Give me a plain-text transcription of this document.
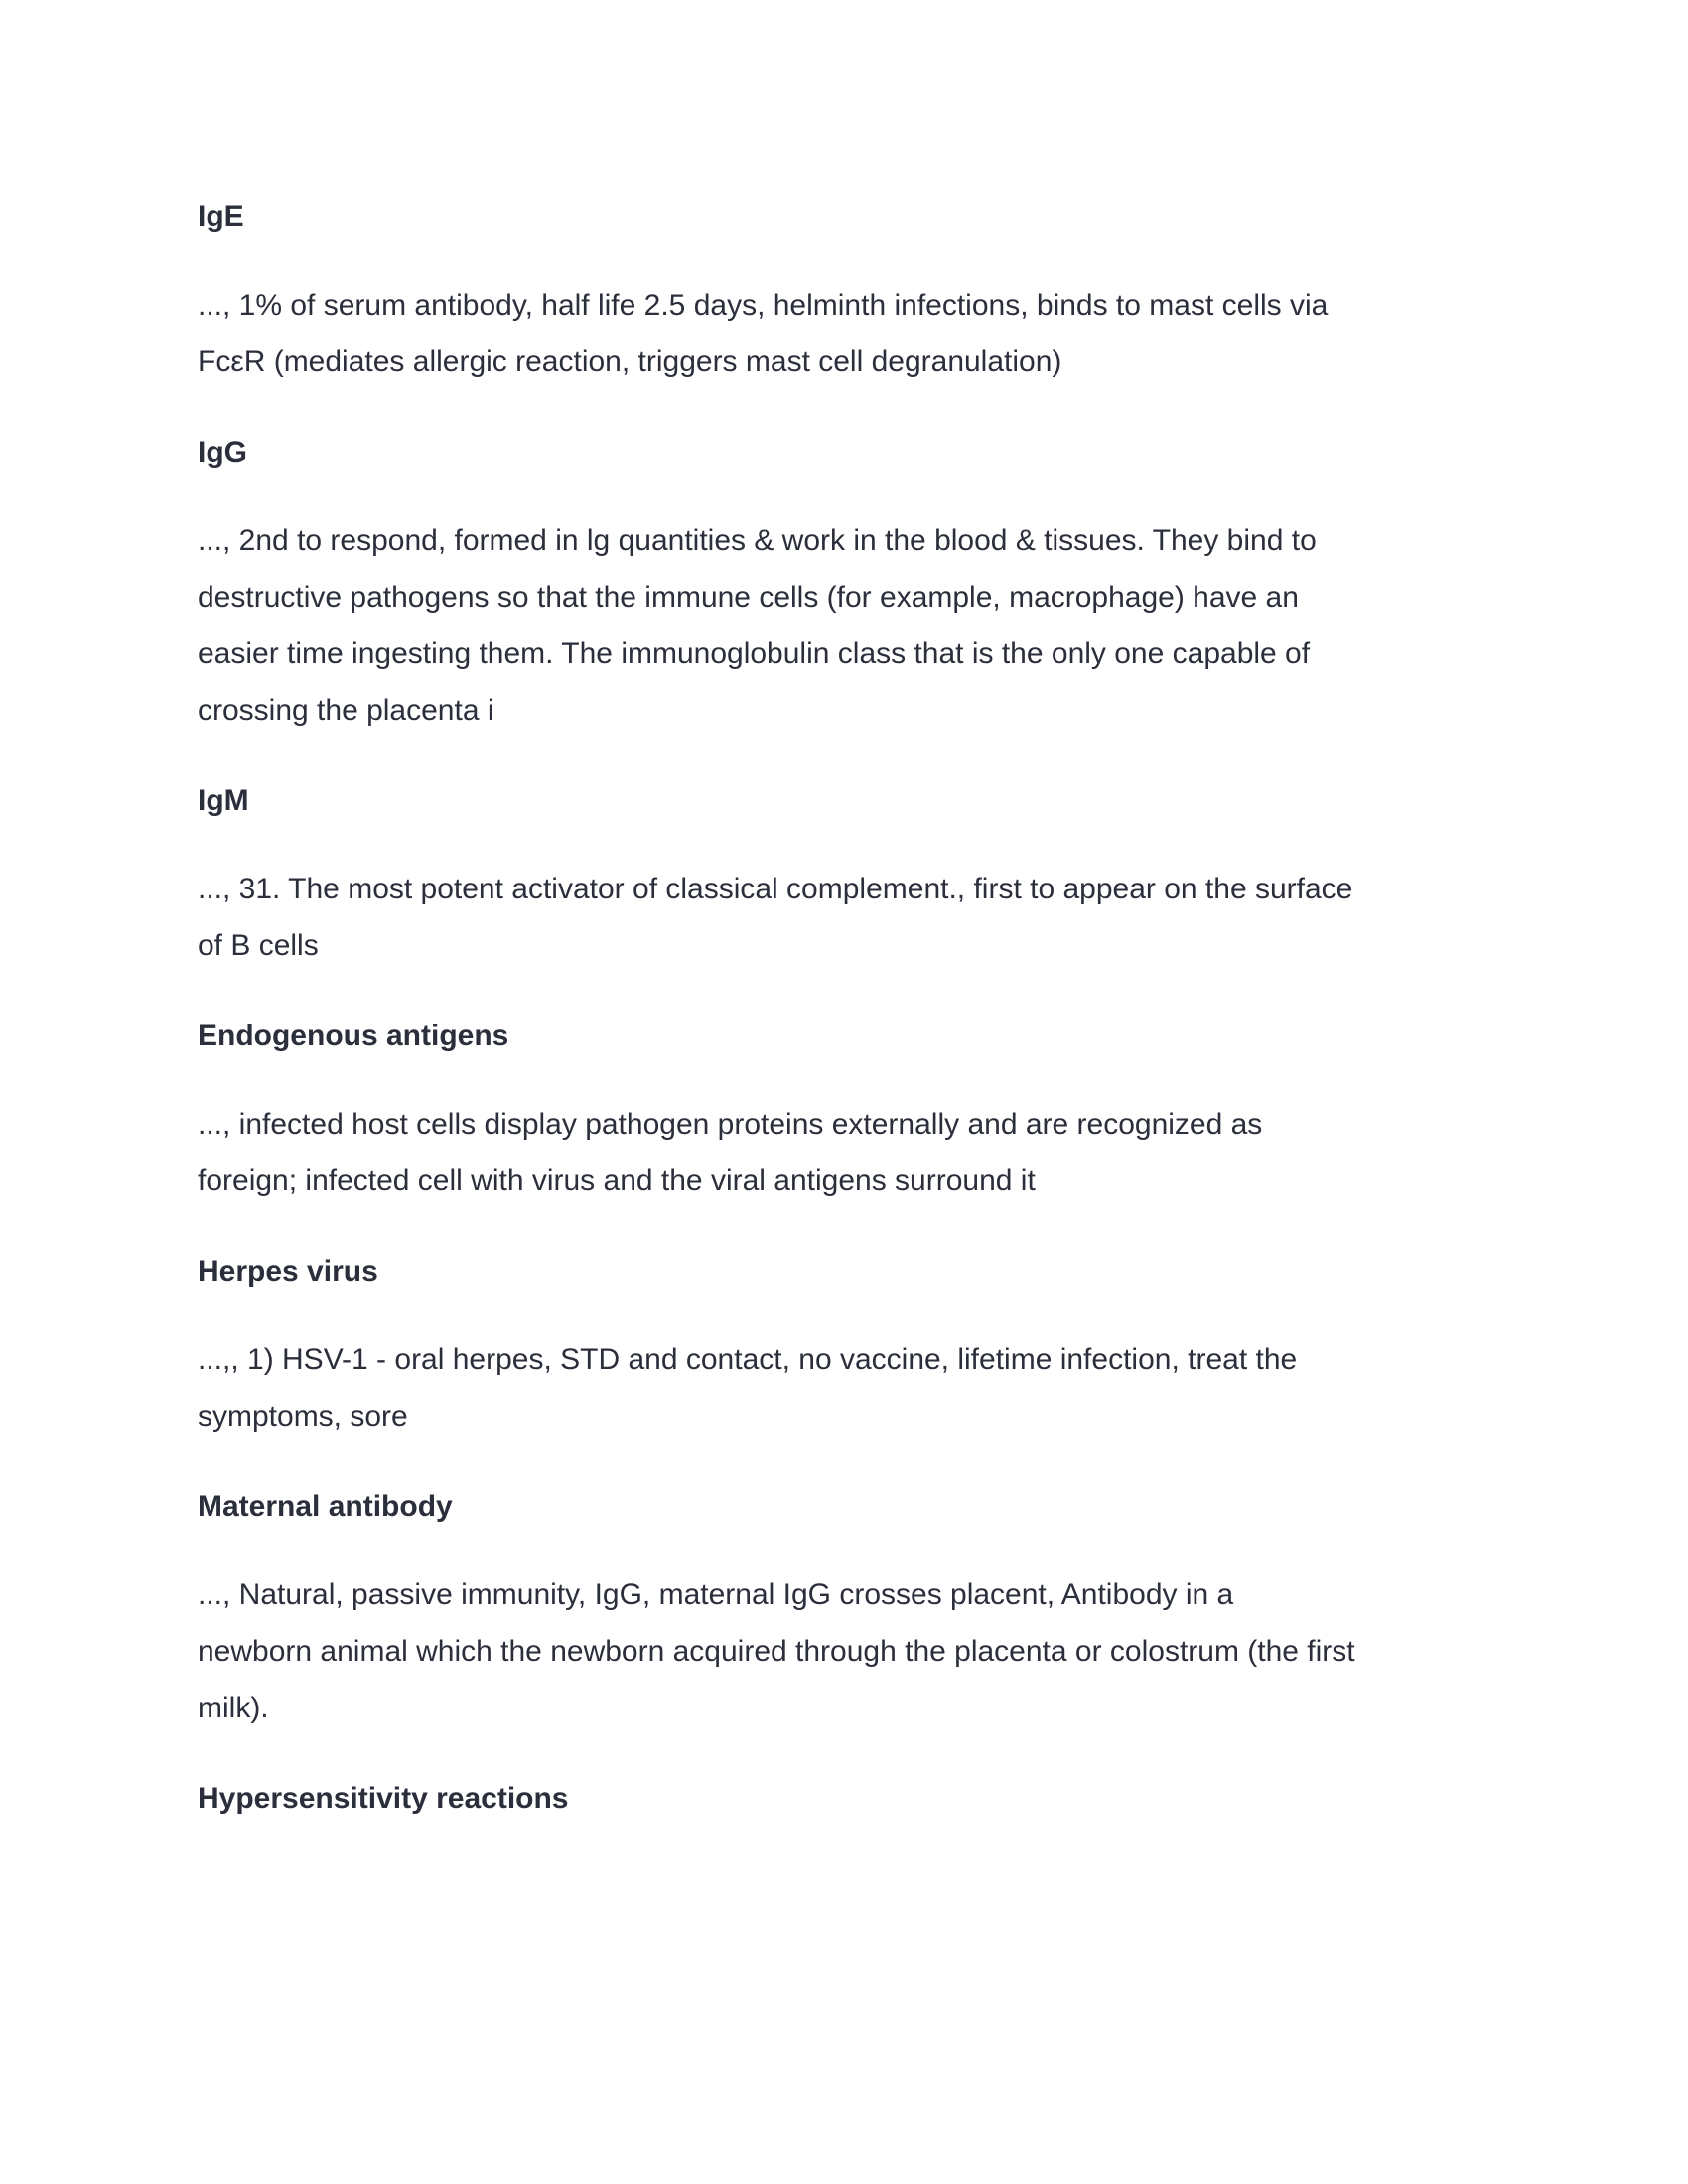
IgE
..., 1% of serum antibody, half life 2.5 days, helminth infections, binds to mast cells via
FcεR (mediates allergic reaction, triggers mast cell degranulation)
IgG
..., 2nd to respond, formed in lg quantities & work in the blood & tissues. They bind to
destructive pathogens so that the immune cells (for example, macrophage) have an
easier time ingesting them. The immunoglobulin class that is the only one capable of
crossing the placenta i
IgM
..., 31. The most potent activator of classical complement., first to appear on the surface
of B cells
Endogenous antigens
..., infected host cells display pathogen proteins externally and are recognized as
foreign; infected cell with virus and the viral antigens surround it
Herpes virus
...,, 1) HSV-1 - oral herpes, STD and contact, no vaccine, lifetime infection, treat the
symptoms, sore
Maternal antibody
..., Natural, passive immunity, IgG, maternal IgG crosses placent, Antibody in a
newborn animal which the newborn acquired through the placenta or colostrum (the first
milk).
Hypersensitivity reactions
